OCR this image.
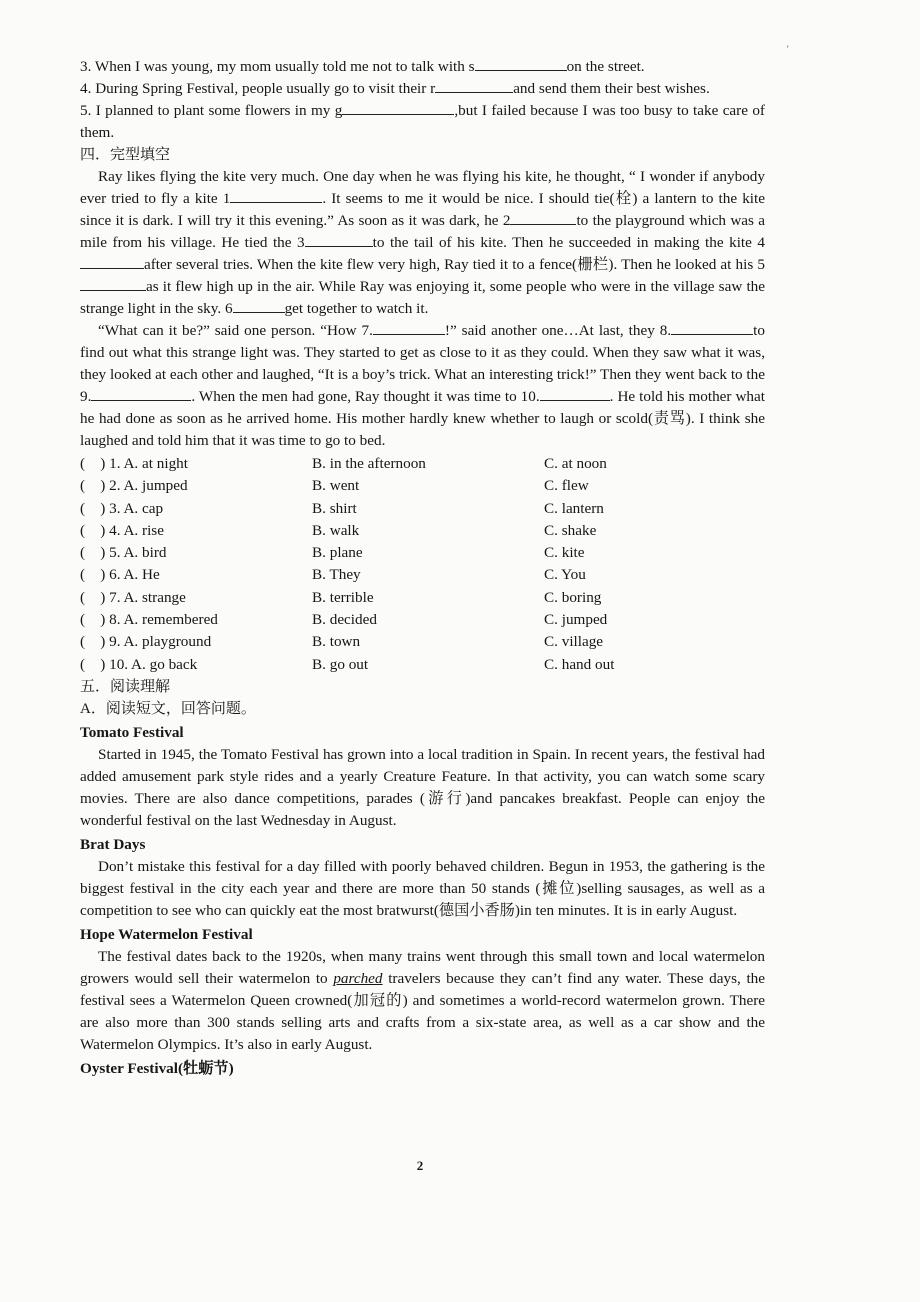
'

3. When I was young, my mom usually told me not to talk with s	on the street.

4. During Spring Festival, people usually go to visit their r	and send them their best wishes.

5. I planned to plant some flowers in my g	,but I failed because I was too busy to take care of them.

四．完型填空

Ray likes flying the kite very much. One day when he was flying his kite, he thought, “ I wonder if anybody ever tried to fly a kite 1	. It seems to me it would be nice. I should tie(栓) a lantern to the kite since it is dark. I will try it this evening.” As soon as it was dark, he 2	to the playground which was a mile from his village. He tied the 3	to the tail of his kite. Then he succeeded in making the kite 4after several tries. When the kite flew very high, Ray tied it to a fence(栅栏). Then he looked at his 5as it flew high up in the air. While Ray was enjoying it, some people who were in the village saw the strange light in the sky. 6	get together to watch it.

“What can it be?” said one person. “How 7.	!” said another one…At last, they 8.	to find out what this strange light was. They started to get as close to it as they could. When they saw what it was, they looked at each other and laughed, “It is a boy’s trick. What an interesting trick!” Then they went back to the 9.	. When the men had gone, Ray thought it was time to 10.	. He told his mother what he had done as soon as he arrived home. His mother hardly knew whether to laugh or scold(责骂). I think she laughed and told him that it was time to go to bed.

(    ) 1. A. at night	B. in the afternoon	C. at noon
(    ) 2. A. jumped	B. went	C. flew
(    ) 3. A. cap	B. shirt	C. lantern
(    ) 4. A. rise	B. walk	C. shake
(    ) 5. A. bird	B. plane	C. kite
(    ) 6. A. He	B. They	C. You
(    ) 7. A. strange	B. terrible	C. boring
(    ) 8. A. remembered	B. decided	C. jumped
(    ) 9. A. playground	B. town	C. village
(    ) 10. A. go back	B. go out	C. hand out

五．阅读理解

A．阅读短文，回答问题。

Tomato Festival

Started in 1945, the Tomato Festival has grown into a local tradition in Spain. In recent years, the festival had added amusement park style rides and a yearly Creature Feature. In that activity, you can watch some scary movies. There are also dance competitions, parades (游行)and pancakes breakfast. People can enjoy the wonderful festival on the last Wednesday in August.

Brat Days

Don’t mistake this festival for a day filled with poorly behaved children. Begun in 1953, the gathering is the biggest festival in the city each year and there are more than 50 stands (摊位)selling sausages, as well as a competition to see who can quickly eat the most bratwurst(德国小香肠)in ten minutes. It is in early August.

Hope Watermelon Festival

The festival dates back to the 1920s, when many trains went through this small town and local watermelon growers would sell their watermelon to parched travelers because they can’t find any water. These days, the festival sees a Watermelon Queen crowned(加冠的) and sometimes a world-record watermelon grown. There are also more than 300 stands selling arts and crafts from a six-state area, as well as a car show and the Watermelon Olympics. It’s also in early August.

Oyster Festival(牡蛎节)

2
